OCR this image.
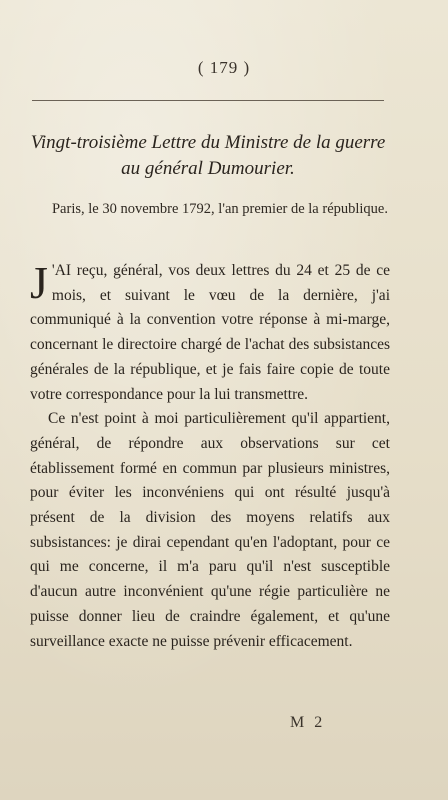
( 179 )
Vingt-troisième Lettre du Ministre de la guerre au général Dumourier.
Paris, le 30 novembre 1792, l'an premier de la république.

J 'AI reçu, général, vos deux lettres du 24 et 25 de ce mois, et suivant le vœu de la dernière, j'ai communiqué à la convention votre réponse à mi-marge, concernant le directoire chargé de l'achat des subsistances générales de la république, et je fais faire copie de toute votre correspondance pour la lui transmettre.

Ce n'est point à moi particulièrement qu'il appartient, général, de répondre aux observations sur cet établissement formé en commun par plusieurs ministres, pour éviter les inconvéniens qui ont résulté jusqu'à présent de la division des moyens relatifs aux subsistances: je dirai cependant qu'en l'adoptant, pour ce qui me concerne, il m'a paru qu'il n'est susceptible d'aucun autre inconvénient qu'une régie particulière ne puisse donner lieu de craindre également, et qu'une surveillance exacte ne puisse prévenir efficacement.

M 2
